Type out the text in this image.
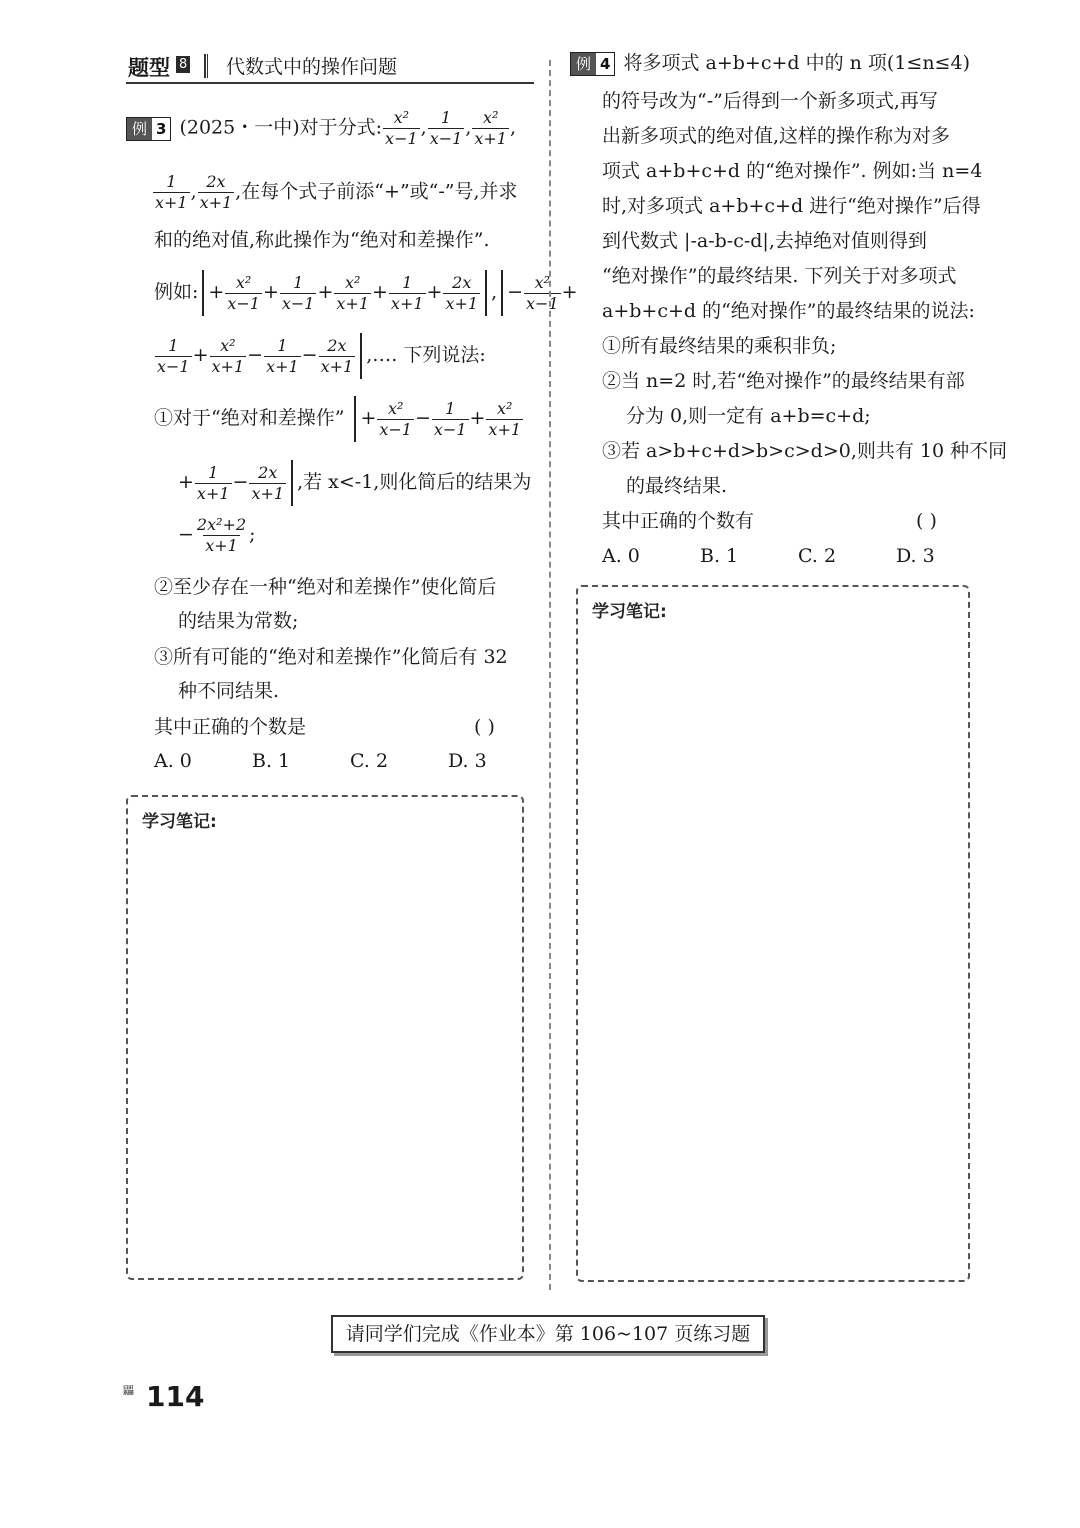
题型 8 代数式中的操作问题
例 3 (2025・一中)对于分式: $\frac{\text{x²}}{x-1}$ , $\frac{1}{x-1}$ , $\frac{\text{x²}}{x+1}$ ,
$\frac{1}{x+1}$ , $\frac{2x}{x+1}$ ,在每个式子前添“+”或“-”号,并求
和的绝对值,称此操作为“绝对和差操作”.
例如: + $\frac{\text{x²}}{x-1} + \frac{1}{x-1} + \frac{\text{x²}}{x+1} + \frac{1}{x+1} + \frac{2x}{x+1}$ , − $\frac{\text{x²}}{x-1}$ +
$\frac{1}{x-1} + \frac{\text{x²}}{x+1} - \frac{1}{x+1} - \frac{2x}{x+1}$ ,…. 下列说法:
①对于“绝对和差操作” + $\frac{\text{x²}}{x-1} - \frac{1}{x-1} + \frac{\text{x²}}{x+1}$
+ $\frac{1}{x+1} - \frac{2x}{x+1}$ ,若 x<-1,则化简后的结果为
− $\frac{\text{2x²+2}}{x+1}$ ;
②至少存在一种“绝对和差操作”使化简后
的结果为常数;
③所有可能的“绝对和差操作”化简后有 32
种不同结果.
其中正确的个数是	( )
A. 0	B. 1	C. 2	D. 3
学习笔记:
例 4 将多项式 a+b+c+d 中的 n 项(1≤n≤4)
的符号改为“-”后得到一个新多项式,再写
出新多项式的绝对值,这样的操作称为对多
项式 a+b+c+d 的“绝对操作”. 例如:当 n=4
时,对多项式 a+b+c+d 进行“绝对操作”后得
到代数式 |-a-b-c-d|,去掉绝对值则得到
“绝对操作”的最终结果. 下列关于对多项式
a+b+c+d 的“绝对操作”的最终结果的说法:
①所有最终结果的乘积非负;
②当 n=2 时,若“绝对操作”的最终结果有部
分为 0,则一定有 a+b=c+d;
③若 a>b+c+d>b>c>d>0,则共有 10 种不同
的最终结果.
其中正确的个数有	( )
A. 0	B. 1	C. 2	D. 3
学习笔记:
请同学们完成《作业本》第 106~107 页练习题
鼺 114
